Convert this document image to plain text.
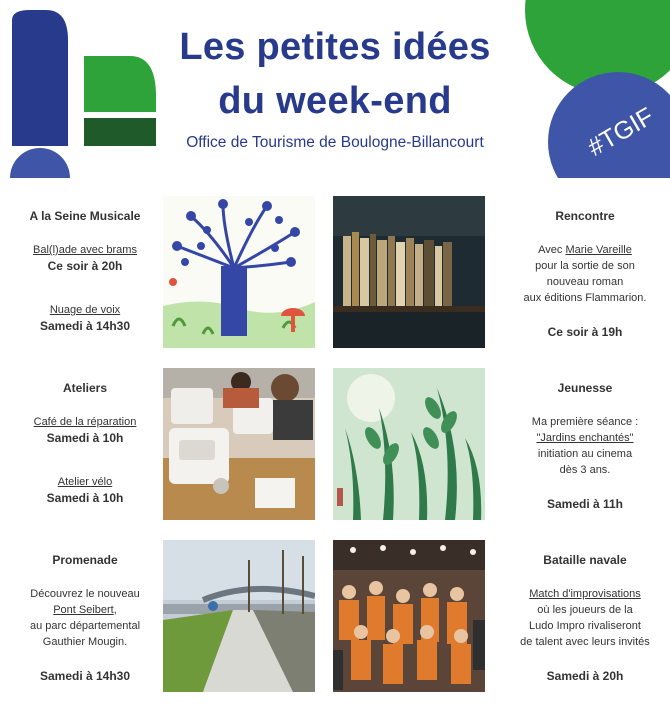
Les petites idées
du week-end
Office de Tourisme de Boulogne-Billancourt	#TGIF
A la Seine Musicale
Bal(l)ade avec brams
Ce soir à 20h
Nuage de voix
Samedi à 14h30
Rencontre
Avec Marie Vareille
pour la sortie de son
nouveau roman
aux éditions Flammarion.
Ce soir à 19h
Ateliers
Café de la réparation
Samedi à 10h
Atelier vélo
Samedi à 10h
Jeunesse
Ma première séance :
"Jardins enchantés"
initiation au cinema
dès 3 ans.
Samedi à 11h
Promenade
Découvrez le nouveau
Pont Seibert,
au parc départemental
Gauthier Mougin.
Samedi à 14h30
Bataille navale
Match d'improvisations
où les joueurs de la
Ludo Impro rivaliseront
de talent avec leurs invités
Samedi à 20h
